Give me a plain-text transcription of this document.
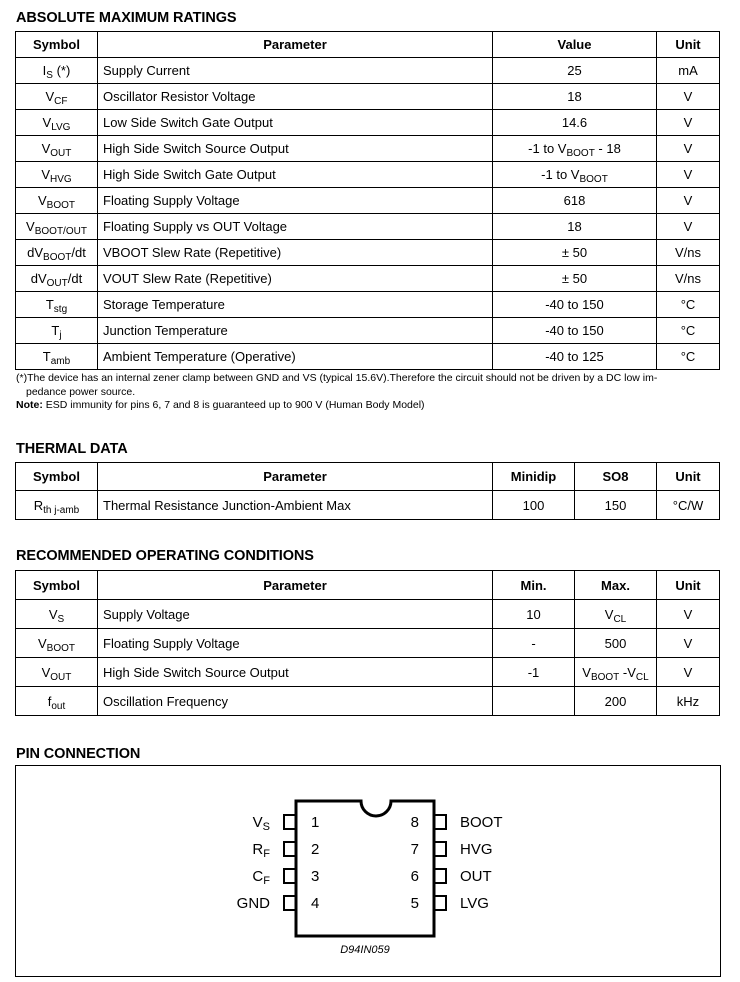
ABSOLUTE MAXIMUM RATINGS
Symbol	Parameter	Value	Unit
$I_S$ (*)	Supply Current	25	mA
$V_{CF}$	Oscillator Resistor Voltage	18	V
$V_{LVG}$	Low Side Switch Gate Output	14.6	V
$V_{OUT}$	High Side Switch Source Output	-1 to $V_{BOOT} - 18$	V
$V_{HVG}$	High Side Switch Gate Output	-1 to $V_{BOOT}$	V
$V_{BOOT}$	Floating Supply Voltage	618	V
$V_{BOOT/OUT}$	Floating Supply vs OUT Voltage	18	V
$dV_{BOOT}/dt$	VBOOT Slew Rate (Repetitive)	± 50	V/ns
$dV_{OUT}/dt$	VOUT Slew Rate (Repetitive)	± 50	V/ns
$T_{stg}$	Storage Temperature	-40 to 150	°C
$T_j$	Junction Temperature	-40 to 150	°C
$T_{amb}$	Ambient Temperature (Operative)	-40 to 125	°C
(*)The device has an internal zener clamp between GND and VS (typical 15.6V).Therefore the circuit should not be driven by a DC low im-
pedance power source.
Note: ESD immunity for pins 6, 7 and 8 is guaranteed up to 900 V (Human Body Model)
THERMAL DATA
Symbol	Parameter	Minidip	SO8	Unit
$R_{th j-amb}$	Thermal Resistance Junction-Ambient Max	100	150	°C/W
RECOMMENDED OPERATING CONDITIONS
Symbol	Parameter	Min.	Max.	Unit
$V_S$	Supply Voltage	10	$V_{CL}$	V
$V_{BOOT}$	Floating Supply Voltage	-	500	V
$V_{OUT}$	High Side Switch Source Output	-1	$V_{BOOT}$ $-V_{CL}$	V
$f_{out}$	Oscillation Frequency		200	kHz
PIN CONNECTION
1
$V_S$
2
$R_F$
3
$C_F$
4
GND
8	BOOT
7	HVG
6	OUT
5	LVG
D94IN059
